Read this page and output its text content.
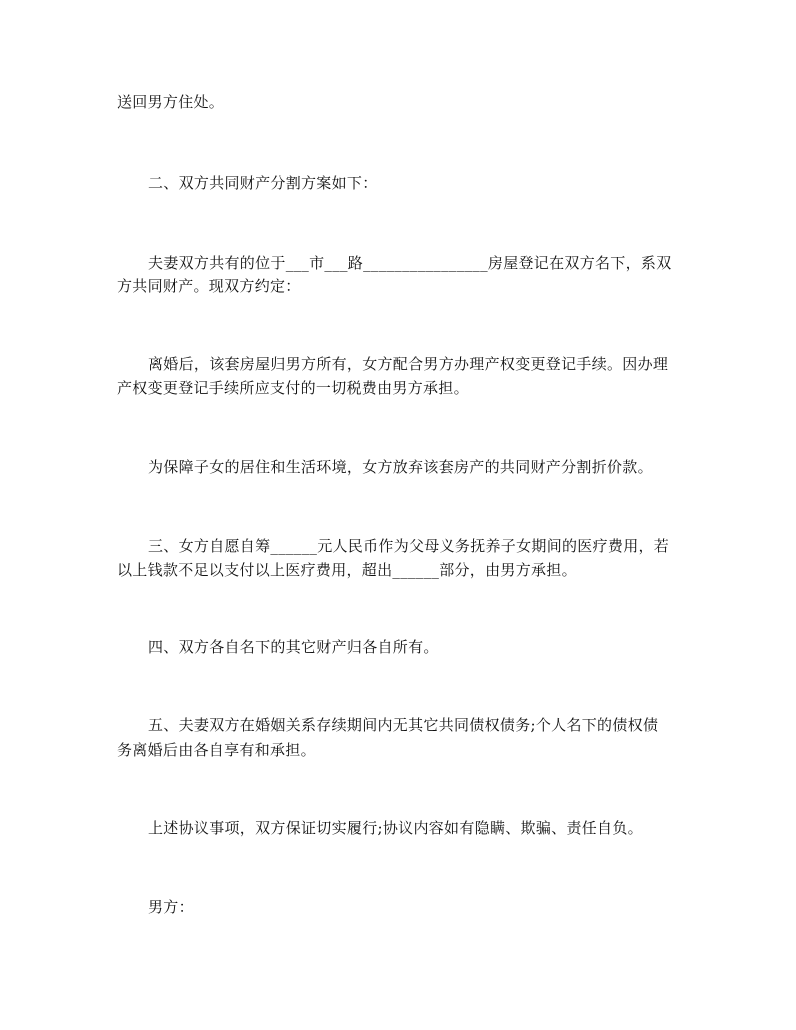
送回男方住处。
二、双方共同财产分割方案如下：
夫妻双方共有的位于___市___路________________房屋登记在双方名下，系双
方共同财产。现双方约定：
离婚后，该套房屋归男方所有，女方配合男方办理产权变更登记手续。因办理
产权变更登记手续所应支付的一切税费由男方承担。
为保障子女的居住和生活环境，女方放弃该套房产的共同财产分割折价款。
三、女方自愿自筹______元人民币作为父母义务抚养子女期间的医疗费用，若
以上钱款不足以支付以上医疗费用，超出______部分，由男方承担。
四、双方各自名下的其它财产归各自所有。
五、夫妻双方在婚姻关系存续期间内无其它共同债权债务;个人名下的债权债
务离婚后由各自享有和承担。
上述协议事项，双方保证切实履行;协议内容如有隐瞒、欺骗、责任自负。
男方：
